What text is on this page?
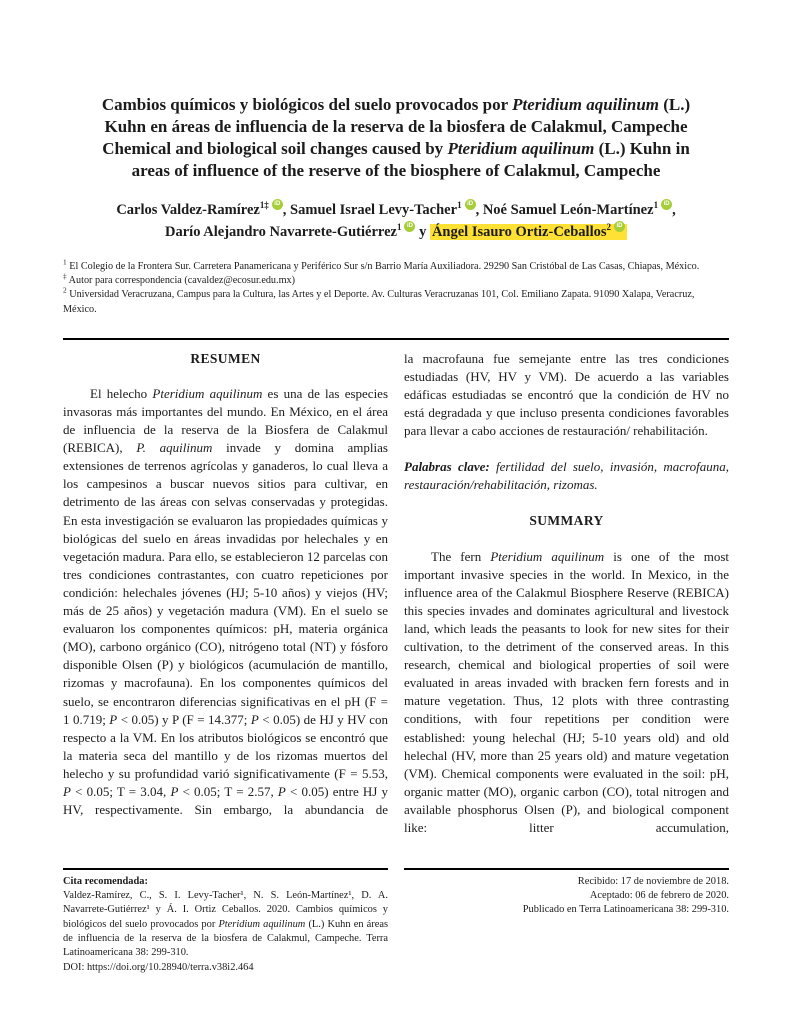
Cambios químicos y biológicos del suelo provocados por Pteridium aquilinum (L.)
Kuhn en áreas de influencia de la reserva de la biosfera de Calakmul, Campeche
Chemical and biological soil changes caused by Pteridium aquilinum (L.) Kuhn in
areas of influence of the reserve of the biosphere of Calakmul, Campeche
Carlos Valdez-Ramírez$^{1\ddagger}$ iD , Samuel Israel Levy-Tacher$^1$ iD , Noé Samuel León-Martínez$^1$ iD ,
Darío Alejandro Navarrete-Gutiérrez$^1$iD y Ángel Isauro Ortiz-Ceballos$^2$iD
$^1$ El Colegio de la Frontera Sur. Carretera Panamericana y Periférico Sur s/n Barrio María Auxiliadora. 29290 San Cristóbal de Las Casas, Chiapas, México.
‡ Autor para correspondencia (cavaldez@ecosur.edu.mx)
$^2$ Universidad Veracruzana, Campus para la Cultura, las Artes y el Deporte. Av. Culturas Veracruzanas 101, Col. Emiliano Zapata. 91090 Xalapa, Veracruz, México.
RESUMEN

El helecho Pteridium aquilinum es una de las especies invasoras más importantes del mundo. En México, en el área de influencia de la reserva de la Biosfera de Calakmul (REBICA), P. aquilinum invade y domina amplias extensiones de terrenos agrícolas y ganaderos, lo cual lleva a los campesinos a buscar nuevos sitios para cultivar, en detrimento de las áreas con selvas conservadas y protegidas. En esta investigación se evaluaron las propiedades químicas y biológicas del suelo en áreas invadidas por helechales y en vegetación madura. Para ello, se establecieron 12 parcelas con tres condiciones contrastantes, con cuatro repeticiones por condición: helechales jóvenes (HJ; 5-10 años) y viejos (HV; más de 25 años) y vegetación madura (VM). En el suelo se evaluaron los componentes químicos: pH, materia orgánica (MO), carbono orgánico (CO), nitrógeno total (NT) y fósforo disponible Olsen (P) y biológicos (acumulación de mantillo, rizomas y macrofauna). En los componentes químicos del suelo, se encontraron diferencias significativas en el pH (F = 1 0.719; P < 0.05) y P (F = 14.377; P < 0.05) de HJ y HV con respecto a la VM. En los atributos biológicos se encontró que la materia seca del mantillo y de los rizomas muertos del helecho y su profundidad varió significativamente (F = 5.53, P < 0.05; T = 3.04, P < 0.05; T = 2.57, P < 0.05) entre HJ y HV, respectivamente. Sin embargo, la abundancia de

la macrofauna fue semejante entre las tres condiciones estudiadas (HV, HV y VM). De acuerdo a las variables edáficas estudiadas se encontró que la condición de HV no está degradada y que incluso presenta condiciones favorables para llevar a cabo acciones de restauración/ rehabilitación.

Palabras clave: fertilidad del suelo, invasión, macrofauna, restauración/rehabilitación, rizomas.

SUMMARY

The fern Pteridium aquilinum is one of the most important invasive species in the world. In Mexico, in the influence area of the Calakmul Biosphere Reserve (REBICA) this species invades and dominates agricultural and livestock land, which leads the peasants to look for new sites for their cultivation, to the detriment of the conserved areas. In this research, chemical and biological properties of soil were evaluated in areas invaded with bracken fern forests and in mature vegetation. Thus, 12 plots with three contrasting conditions, with four repetitions per condition were established: young helechal (HJ; 5-10 years old) and old helechal (HV, more than 25 years old) and mature vegetation (VM). Chemical components were evaluated in the soil: pH, organic matter (MO), organic carbon (CO), total nitrogen and available phosphorus Olsen (P), and biological component like: litter accumulation,

Cita recomendada:
Valdez-Ramírez, C., S. I. Levy-Tacher¹, N. S. León-Martínez¹, D. A. Navarrete-Gutiérrez¹ y Á. I. Ortiz Ceballos. 2020. Cambios químicos y biológicos del suelo provocados por Pteridium aquilinum (L.) Kuhn en áreas de influencia de la reserva de la biosfera de Calakmul, Campeche. Terra Latinoamericana 38: 299-310.
DOI: https://doi.org/10.28940/terra.v38i2.464
Recibido: 17 de noviembre de 2018.
Aceptado: 06 de febrero de 2020.
Publicado en Terra Latinoamericana 38: 299-310.
